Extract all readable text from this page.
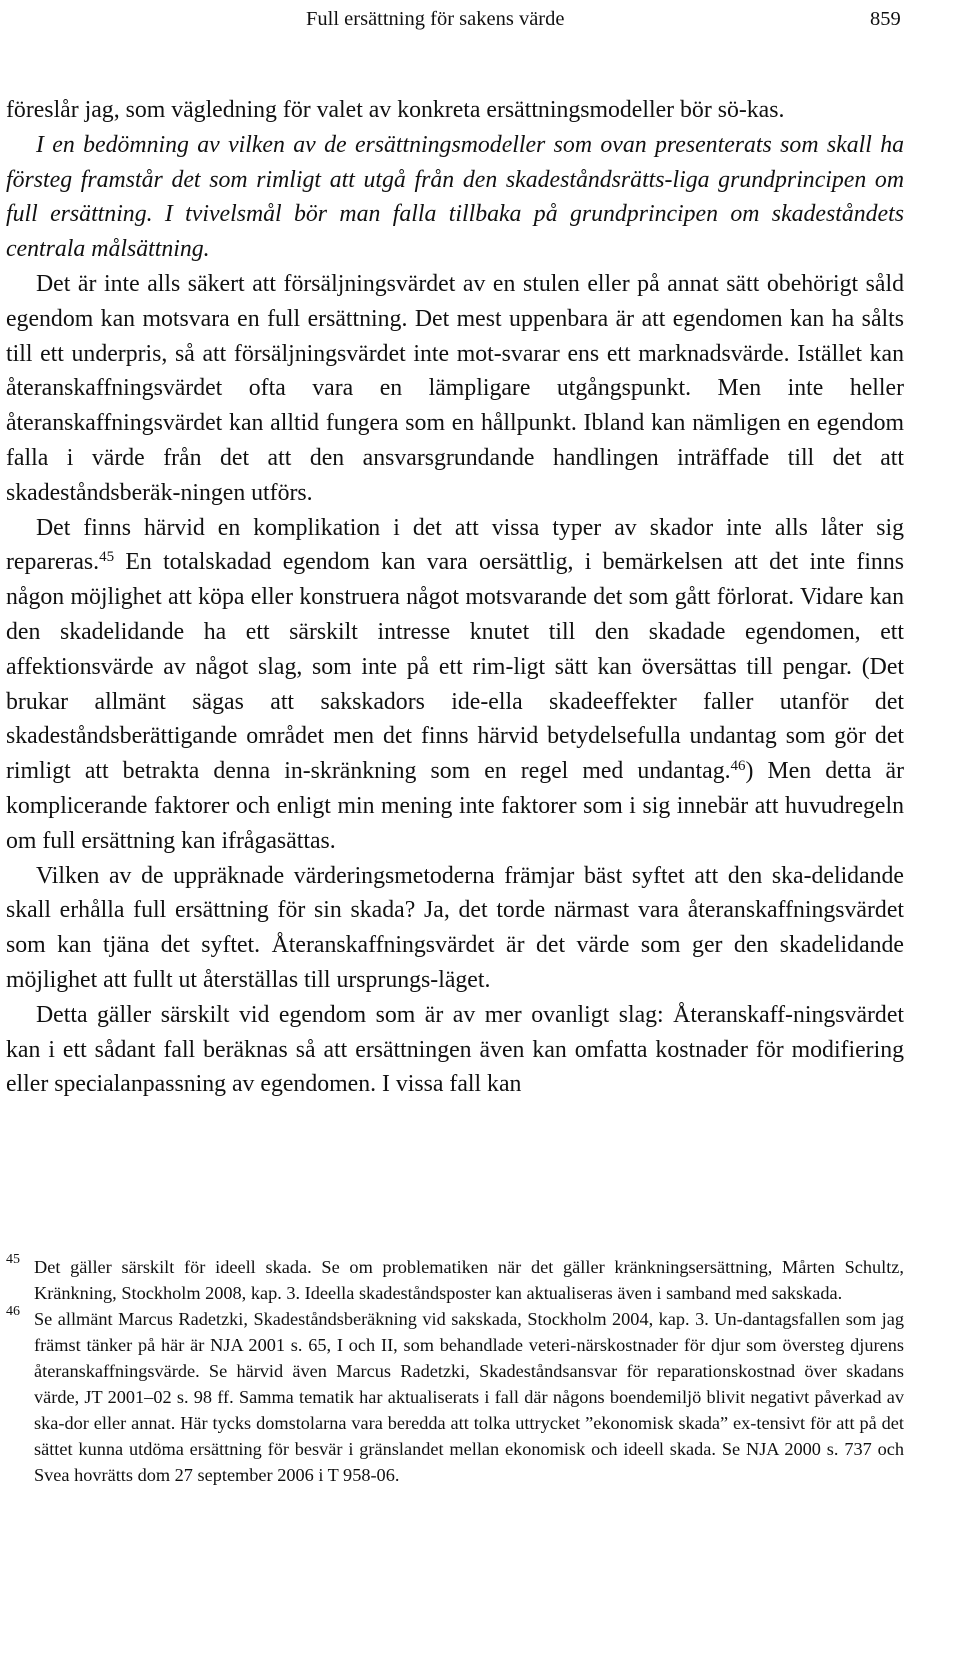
Full ersättning för sakens värde	859

föreslår jag, som vägledning för valet av konkreta ersättningsmodeller bör sö-kas.

I en bedömning av vilken av de ersättningsmodeller som ovan presenterats som skall ha försteg framstår det som rimligt att utgå från den skadeståndsrätts-liga grundprincipen om full ersättning. I tvivelsmål bör man falla tillbaka på grundprincipen om skadeståndets centrala målsättning.

Det är inte alls säkert att försäljningsvärdet av en stulen eller på annat sätt obehörigt såld egendom kan motsvara en full ersättning. Det mest uppenbara är att egendomen kan ha sålts till ett underpris, så att försäljningsvärdet inte mot-svarar ens ett marknadsvärde. Istället kan återanskaffningsvärdet ofta vara en lämpligare utgångspunkt. Men inte heller återanskaffningsvärdet kan alltid fungera som en hållpunkt. Ibland kan nämligen en egendom falla i värde från det att den ansvarsgrundande handlingen inträffade till det att skadeståndsberäk-ningen utförs.

Det finns härvid en komplikation i det att vissa typer av skador inte alls låter sig repareras.$^{45}$ En totalskadad egendom kan vara oersättlig, i bemärkelsen att det inte finns någon möjlighet att köpa eller konstruera något motsvarande det som gått förlorat. Vidare kan den skadelidande ha ett särskilt intresse knutet till den skadade egendomen, ett affektionsvärde av något slag, som inte på ett rim-ligt sätt kan översättas till pengar. (Det brukar allmänt sägas att sakskadors ide-ella skadeeffekter faller utanför det skadeståndsberättigande området men det finns härvid betydelsefulla undantag som gör det rimligt att betrakta denna in-skränkning som en regel med undantag.$^{46}$) Men detta är komplicerande faktorer och enligt min mening inte faktorer som i sig innebär att huvudregeln om full ersättning kan ifrågasättas.

Vilken av de uppräknade värderingsmetoderna främjar bäst syftet att den ska-delidande skall erhålla full ersättning för sin skada? Ja, det torde närmast vara återanskaffningsvärdet som kan tjäna det syftet. Återanskaffningsvärdet är det värde som ger den skadelidande möjlighet att fullt ut återställas till ursprungs-läget.

Detta gäller särskilt vid egendom som är av mer ovanligt slag: Återanskaff-ningsvärdet kan i ett sådant fall beräknas så att ersättningen även kan omfatta kostnader för modifiering eller specialanpassning av egendomen. I vissa fall kan

45 Det gäller särskilt för ideell skada. Se om problematiken när det gäller kränkningsersättning, Mårten Schultz, Kränkning, Stockholm 2008, kap. 3. Ideella skadeståndsposter kan aktualiseras även i samband med sakskada.

46 Se allmänt Marcus Radetzki, Skadeståndsberäkning vid sakskada, Stockholm 2004, kap. 3. Un-dantagsfallen som jag främst tänker på här är NJA 2001 s. 65, I och II, som behandlade veteri-närskostnader för djur som översteg djurens återanskaffningsvärde. Se härvid även Marcus Radetzki, Skadeståndsansvar för reparationskostnad över skadans värde, JT 2001–02 s. 98 ff. Samma tematik har aktualiserats i fall där någons boendemiljö blivit negativt påverkad av ska-dor eller annat. Här tycks domstolarna vara beredda att tolka uttrycket ”ekonomisk skada” ex-tensivt för att på det sättet kunna utdöma ersättning för besvär i gränslandet mellan ekonomisk och ideell skada. Se NJA 2000 s. 737 och Svea hovrätts dom 27 september 2006 i T 958-06.
